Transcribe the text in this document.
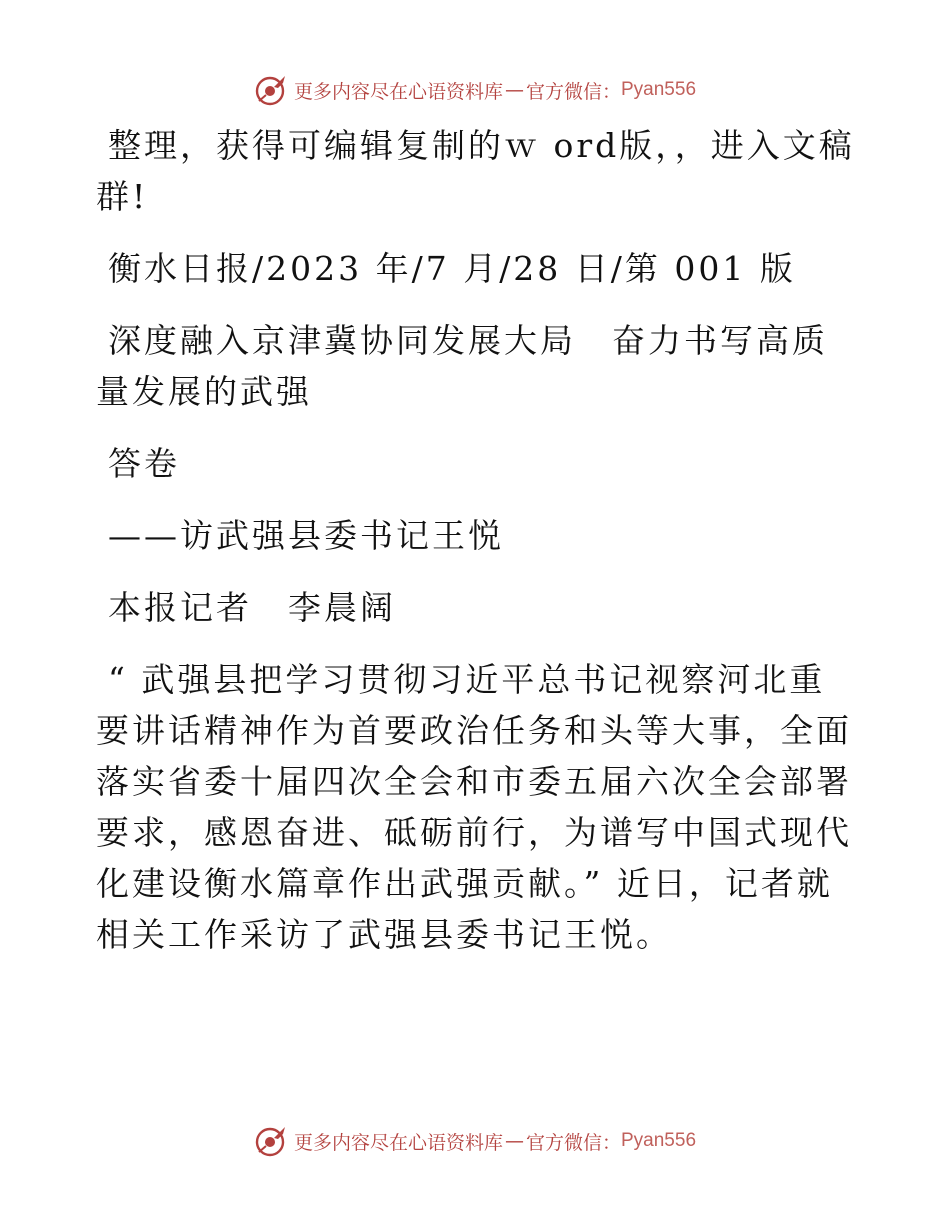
更多内容尽在心语资料库 — 官方微信： Pyan556

整理，获得可编辑复制的ｗ ord版，，进入文稿群!

衡水日报/2023 年/7 月/28 日/第 001 版

深度融入京津冀协同发展大局　奋力书写高质量发展的武强

答卷

——访武强县委书记王悦

本报记者　李晨阔

“ 武强县把学习贯彻习近平总书记视察河北重要讲话精神作为首要政治任务和头等大事，全面落实省委十届四次全会和市委五届六次全会部署要求，感恩奋进、砥砺前行，为谱写中国式现代化建设衡水篇章作出武强贡献。” 近日，记者就相关工作采访了武强县委书记王悦。

更多内容尽在心语资料库 — 官方微信： Pyan556
